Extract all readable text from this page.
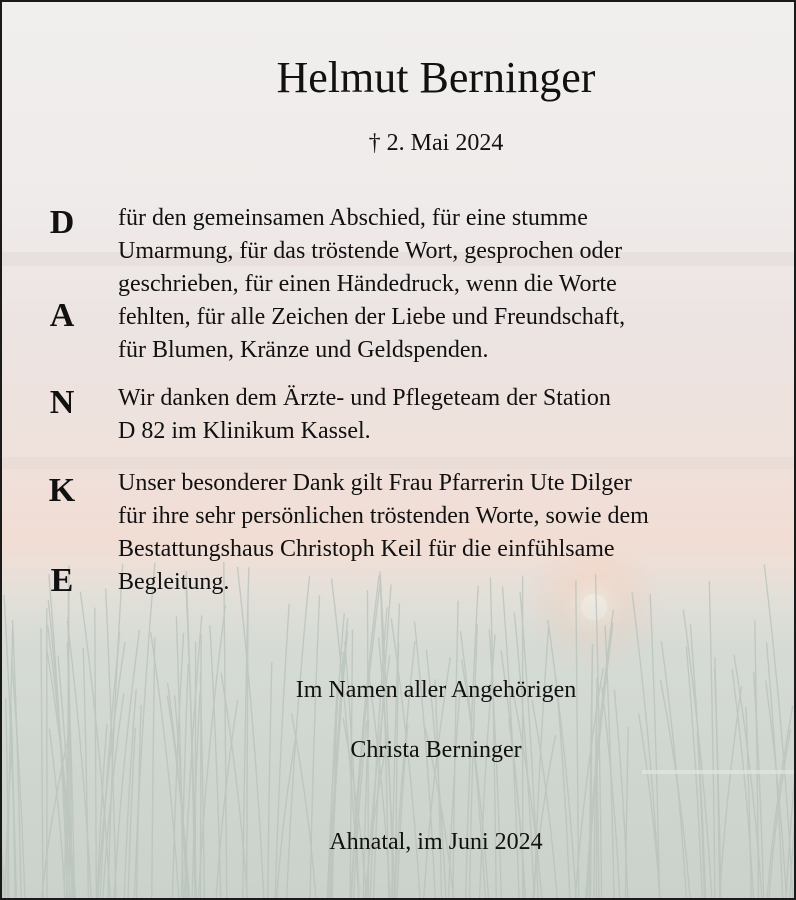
Helmut Berninger
† 2. Mai 2024
D
A
N
K
E
für den gemeinsamen Abschied, für eine stumme
Umarmung, für das tröstende Wort, gesprochen oder
geschrieben, für einen Händedruck, wenn die Worte
fehlten, für alle Zeichen der Liebe und Freundschaft,
für Blumen, Kränze und Geldspenden.
Wir danken dem Ärzte- und Pflegeteam der Station
D 82 im Klinikum Kassel.
Unser besonderer Dank gilt Frau Pfarrerin Ute Dilger
für ihre sehr persönlichen tröstenden Worte, sowie dem
Bestattungshaus Christoph Keil für die einfühlsame
Begleitung.
Im Namen aller Angehörigen
Christa Berninger
Ahnatal, im Juni 2024
